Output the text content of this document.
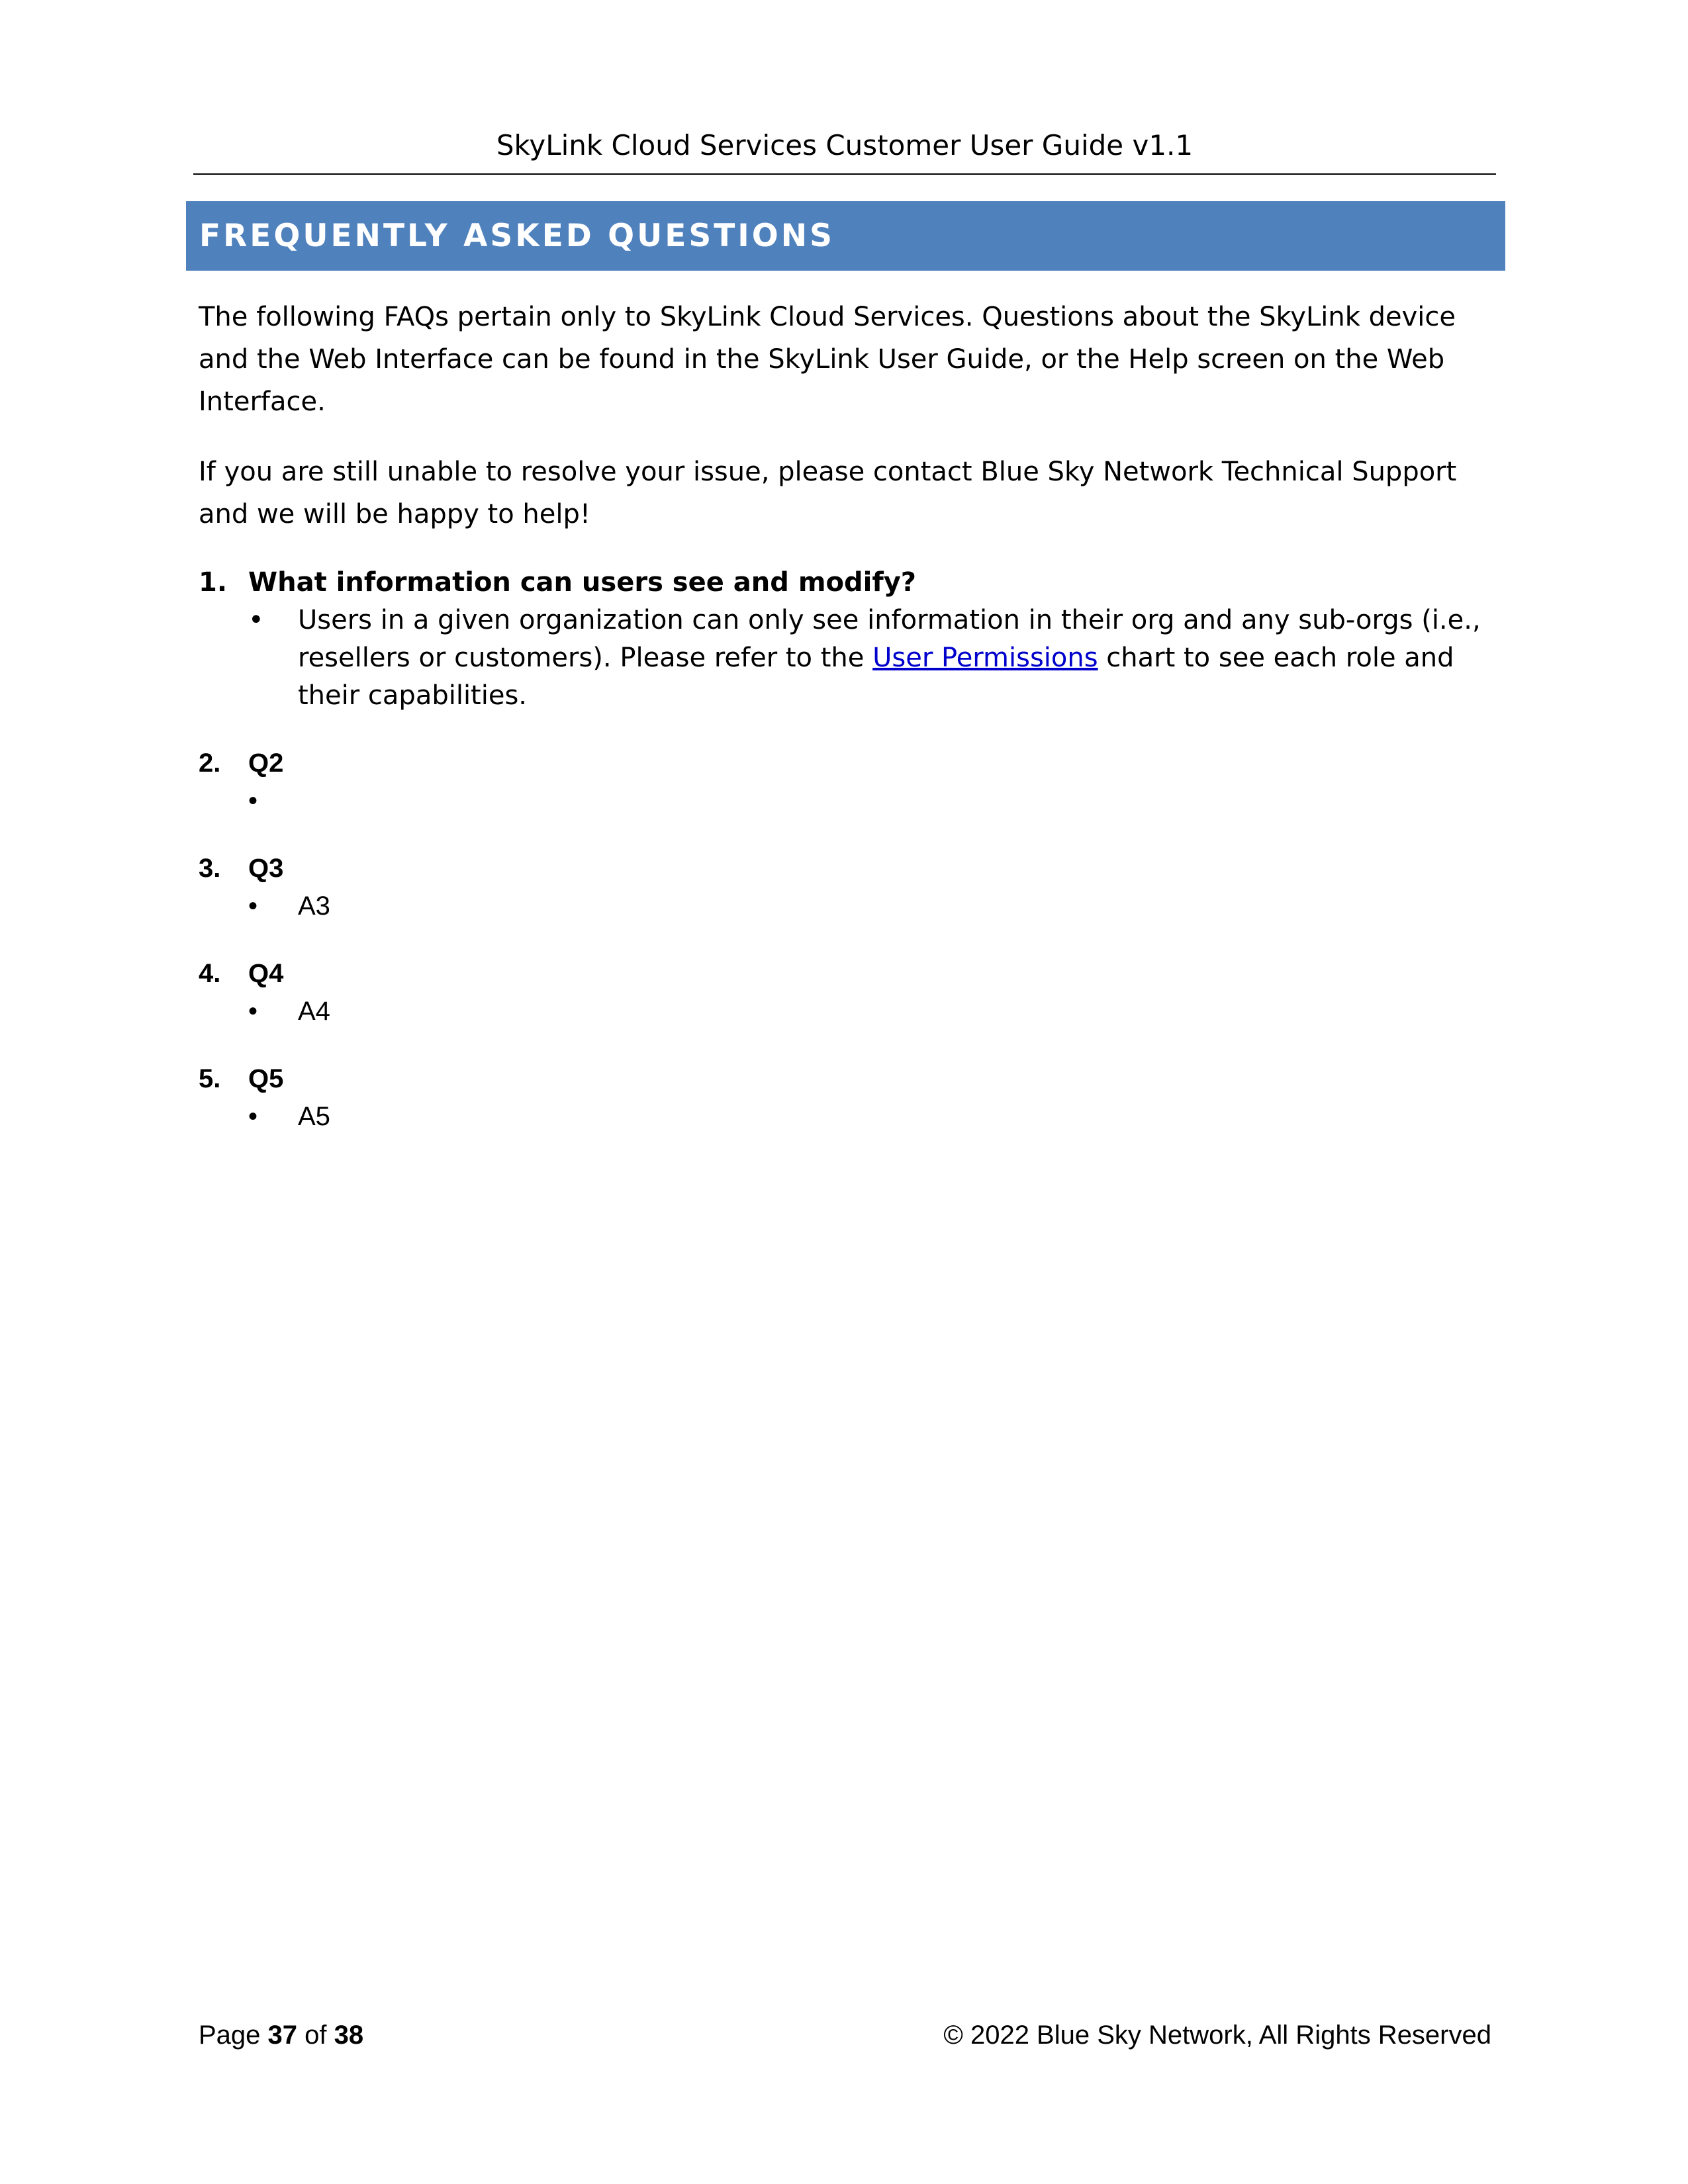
SkyLink Cloud Services Customer User Guide v1.1
FREQUENTLY ASKED QUESTIONS

The following FAQs pertain only to SkyLink Cloud Services. Questions about the SkyLink device and the Web Interface can be found in the SkyLink User Guide, or the Help screen on the Web Interface.

If you are still unable to resolve your issue, please contact Blue Sky Network Technical Support and we will be happy to help!

1. What information can users see and modify?
• Users in a given organization can only see information in their org and any sub-orgs (i.e., resellers or customers). Please refer to the User Permissions chart to see each role and their capabilities.
2. Q2
•
3. Q3
• A3
4. Q4
• A4
5. Q5
• A5
Page 37 of 38	© 2022 Blue Sky Network, All Rights Reserved
